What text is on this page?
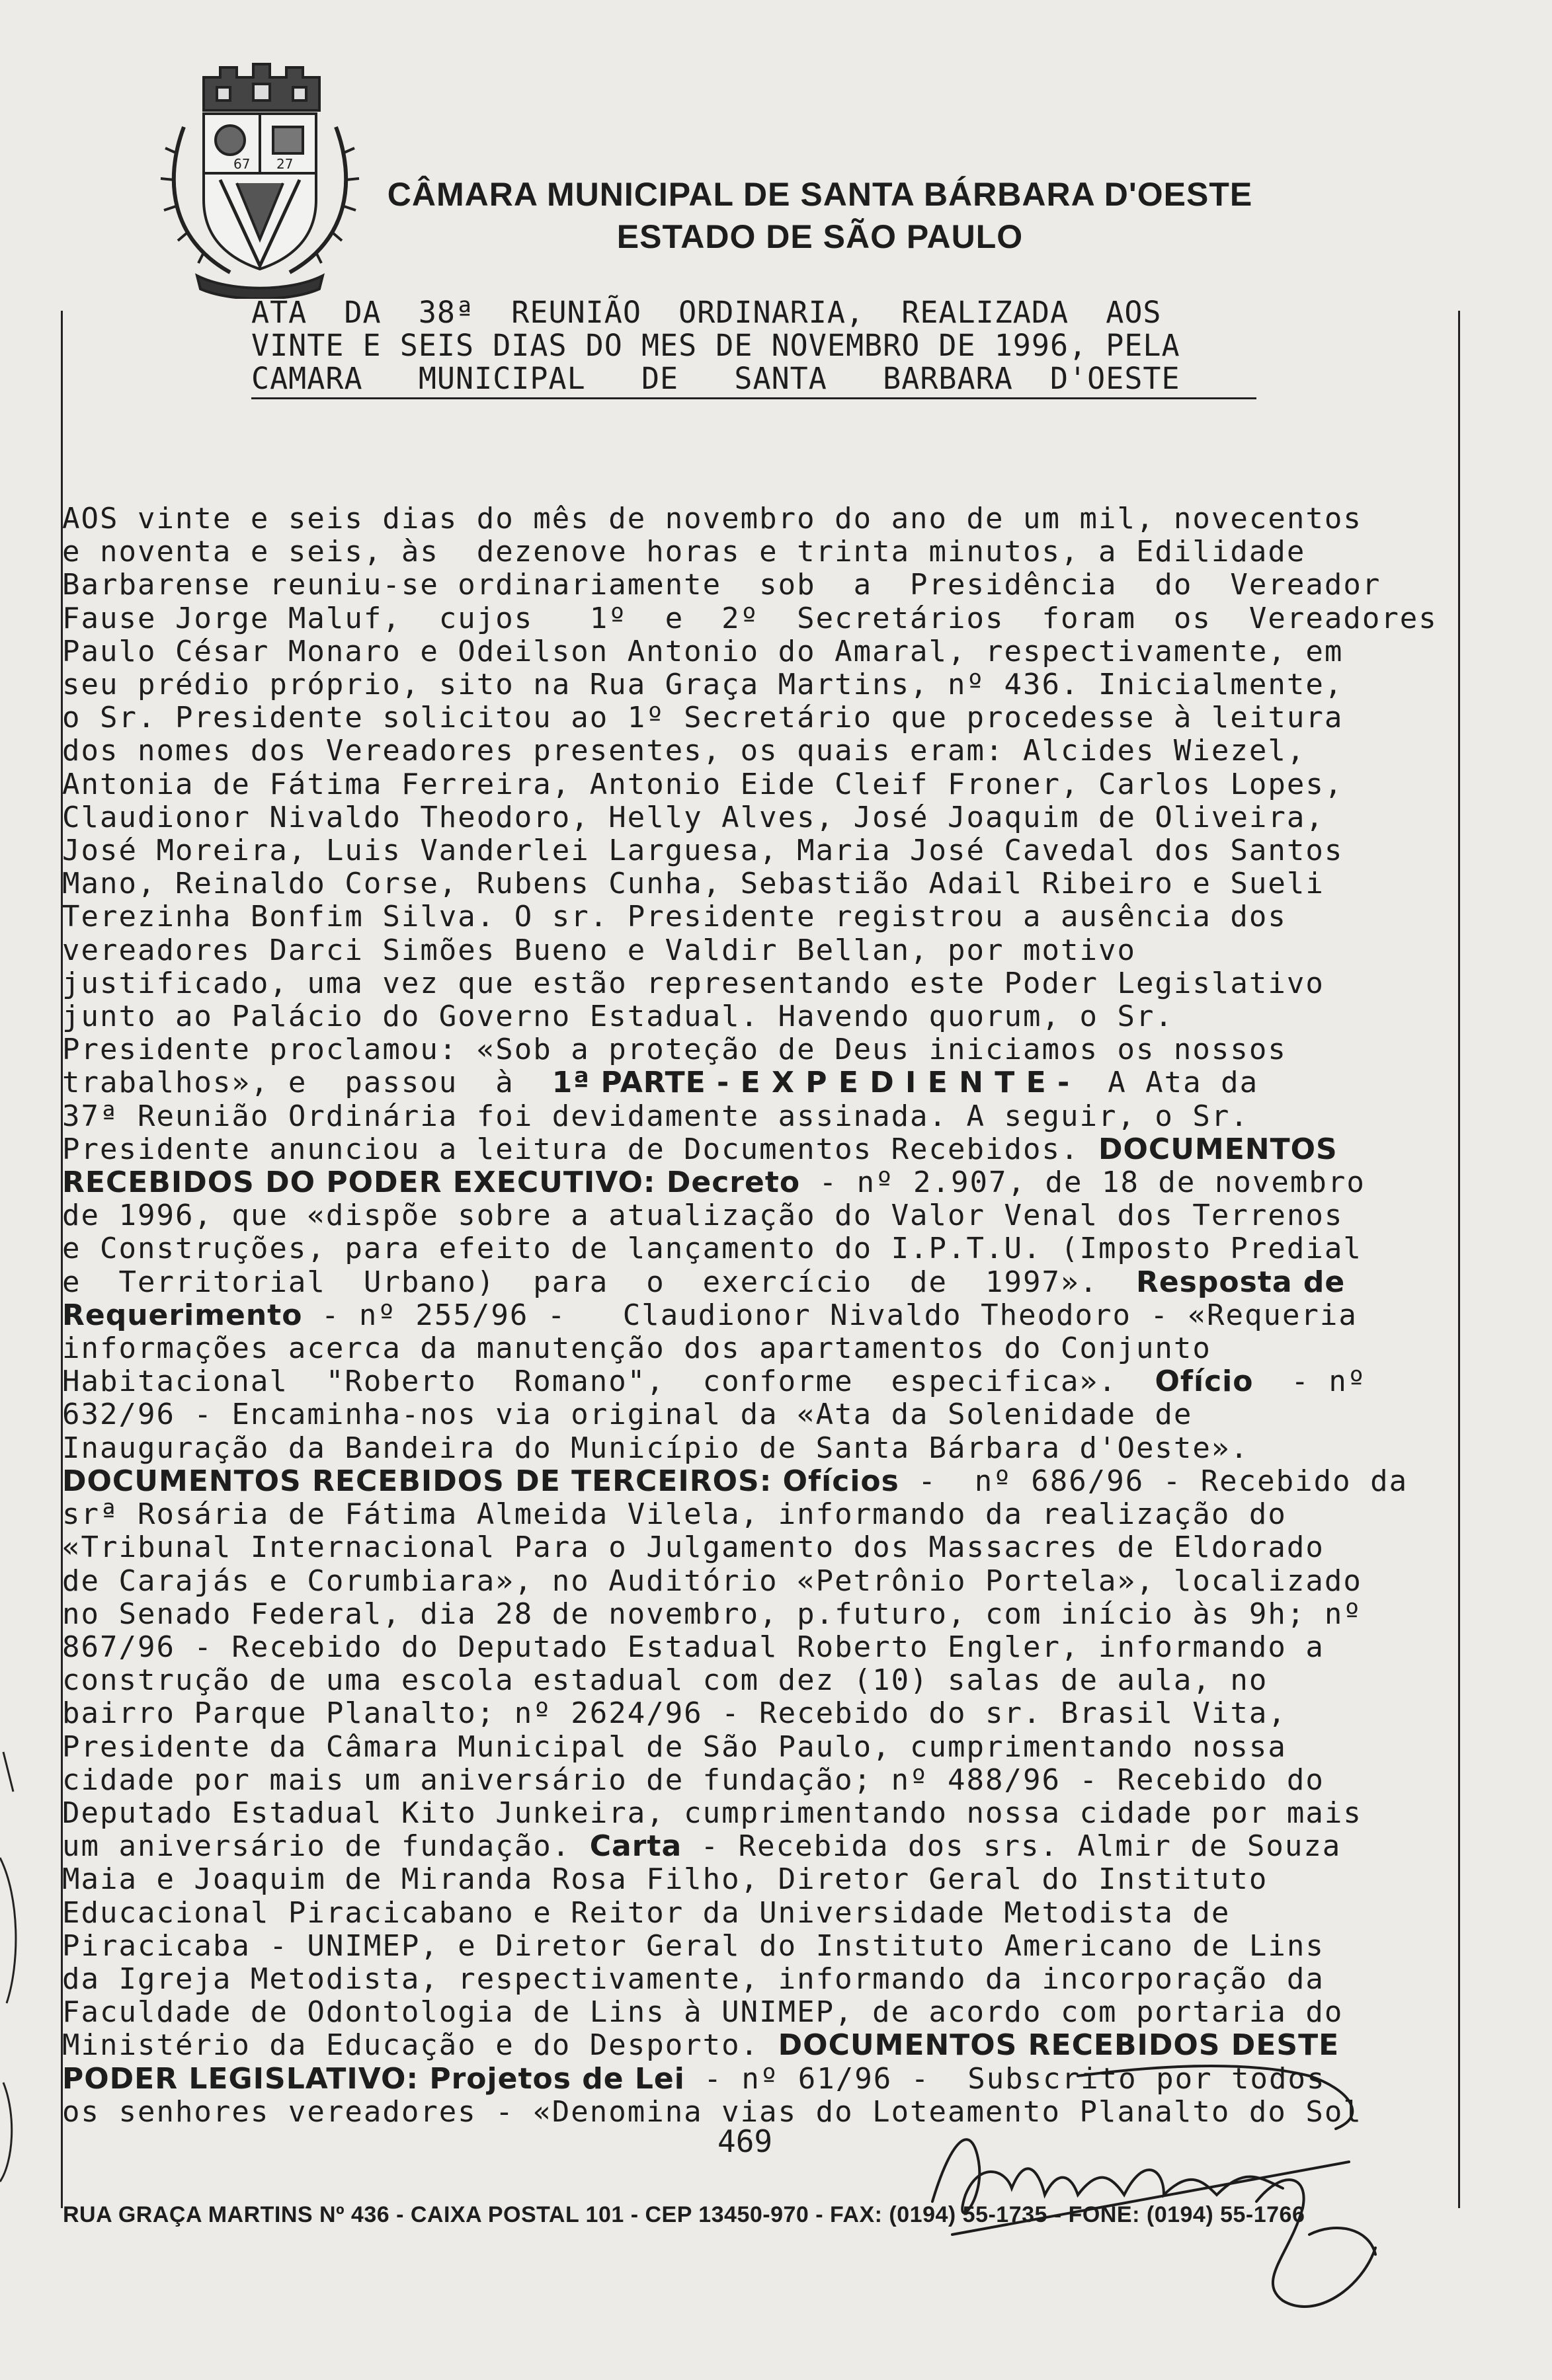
67 27
CÂMARA MUNICIPAL DE SANTA BÁRBARA D'OESTE
ESTADO DE SÃO PAULO
ATA  DA  38ª  REUNIÃO  ORDINARIA,  REALIZADA  AOS
VINTE E SEIS DIAS DO MES DE NOVEMBRO DE 1996, PELA
CAMARA   MUNICIPAL   DE   SANTA   BARBARA  D'OESTE
AOS vinte e seis dias do mês de novembro do ano de um mil, novecentos
e noventa e seis, às  dezenove horas e trinta minutos, a Edilidade
Barbarense reuniu-se ordinariamente  sob  a  Presidência  do  Vereador
Fause Jorge Maluf,  cujos   1º  e  2º  Secretários  foram  os  Vereadores
Paulo César Monaro e Odeilson Antonio do Amaral, respectivamente, em
seu prédio próprio, sito na Rua Graça Martins, nº 436. Inicialmente,
o Sr. Presidente solicitou ao 1º Secretário que procedesse à leitura
dos nomes dos Vereadores presentes, os quais eram: Alcides Wiezel,
Antonia de Fátima Ferreira, Antonio Eide Cleif Froner, Carlos Lopes,
Claudionor Nivaldo Theodoro, Helly Alves, José Joaquim de Oliveira,
José Moreira, Luis Vanderlei Larguesa, Maria José Cavedal dos Santos
Mano, Reinaldo Corse, Rubens Cunha, Sebastião Adail Ribeiro e Sueli
Terezinha Bonfim Silva. O sr. Presidente registrou a ausência dos
vereadores Darci Simões Bueno e Valdir Bellan, por motivo
justificado, uma vez que estão representando este Poder Legislativo
junto ao Palácio do Governo Estadual. Havendo quorum, o Sr.
Presidente proclamou: «Sob a proteção de Deus iniciamos os nossos
trabalhos», e  passou  à  1ª PARTE - E X P E D I E N T E -  A Ata da
37ª Reunião Ordinária foi devidamente assinada. A seguir, o Sr.
Presidente anunciou a leitura de Documentos Recebidos. DOCUMENTOS
RECEBIDOS DO PODER EXECUTIVO: Decreto - nº 2.907, de 18 de novembro
de 1996, que «dispõe sobre a atualização do Valor Venal dos Terrenos
e Construções, para efeito de lançamento do I.P.T.U. (Imposto Predial
e  Territorial  Urbano)  para  o  exercício  de  1997».  Resposta de
Requerimento - nº 255/96 -   Claudionor Nivaldo Theodoro - «Requeria
informações acerca da manutenção dos apartamentos do Conjunto
Habitacional  "Roberto  Romano",  conforme  especifica».  Ofício  - nº
632/96 - Encaminha-nos via original da «Ata da Solenidade de
Inauguração da Bandeira do Município de Santa Bárbara d'Oeste».
DOCUMENTOS RECEBIDOS DE TERCEIROS: Ofícios -  nº 686/96 - Recebido da
srª Rosária de Fátima Almeida Vilela, informando da realização do
«Tribunal Internacional Para o Julgamento dos Massacres de Eldorado
de Carajás e Corumbiara», no Auditório «Petrônio Portela», localizado
no Senado Federal, dia 28 de novembro, p.futuro, com início às 9h; nº
867/96 - Recebido do Deputado Estadual Roberto Engler, informando a
construção de uma escola estadual com dez (10) salas de aula, no
bairro Parque Planalto; nº 2624/96 - Recebido do sr. Brasil Vita,
Presidente da Câmara Municipal de São Paulo, cumprimentando nossa
cidade por mais um aniversário de fundação; nº 488/96 - Recebido do
Deputado Estadual Kito Junkeira, cumprimentando nossa cidade por mais
um aniversário de fundação. Carta - Recebida dos srs. Almir de Souza
Maia e Joaquim de Miranda Rosa Filho, Diretor Geral do Instituto
Educacional Piracicabano e Reitor da Universidade Metodista de
Piracicaba - UNIMEP, e Diretor Geral do Instituto Americano de Lins
da Igreja Metodista, respectivamente, informando da incorporação da
Faculdade de Odontologia de Lins à UNIMEP, de acordo com portaria do
Ministério da Educação e do Desporto. DOCUMENTOS RECEBIDOS DESTE
PODER LEGISLATIVO: Projetos de Lei - nº 61/96 -  Subscrito por todos
os senhores vereadores - «Denomina vias do Loteamento Planalto do Sol
469
RUA GRAÇA MARTINS Nº 436 - CAIXA POSTAL 101 - CEP 13450-970 - FAX: (0194) 55-1735 - FONE: (0194) 55-1766
